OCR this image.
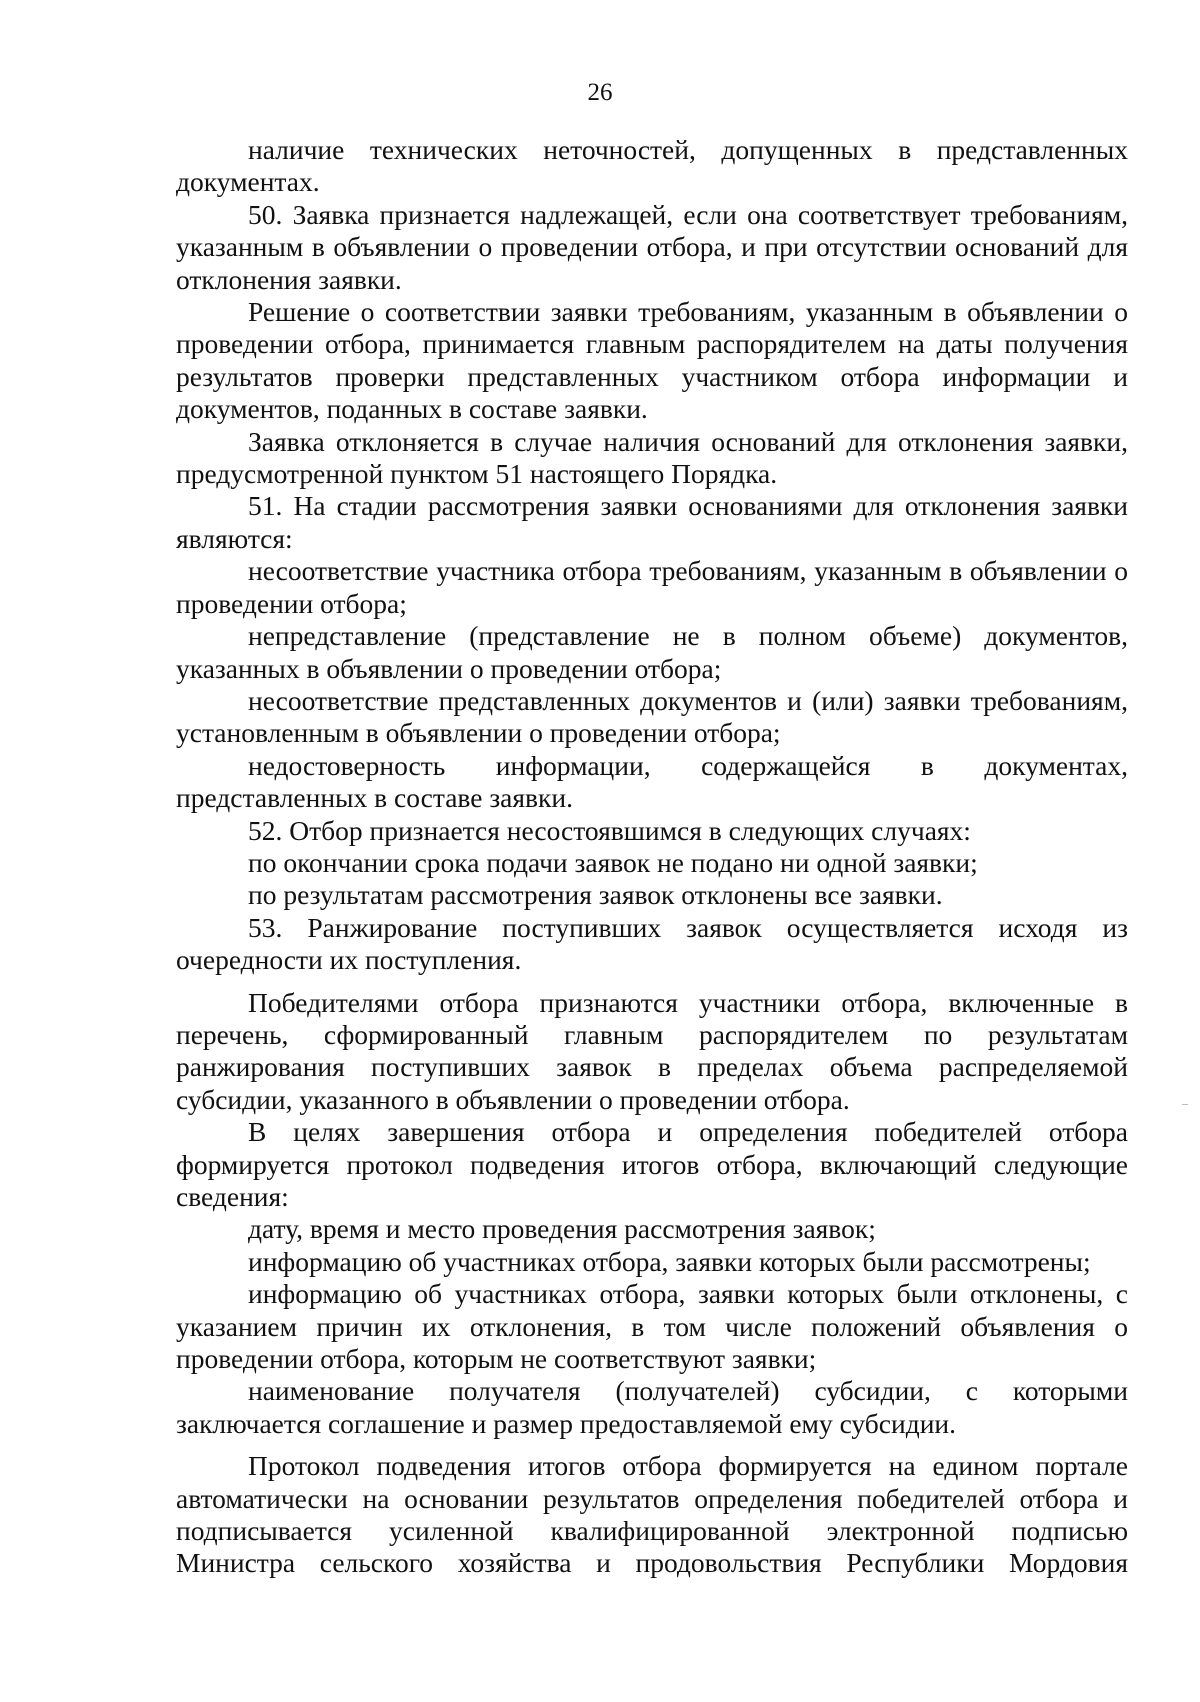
26

наличие технических неточностей, допущенных в представленных документах.

50. Заявка признается надлежащей, если она соответствует требованиям, указанным в объявлении о проведении отбора, и при отсутствии оснований для отклонения заявки.

Решение о соответствии заявки требованиям, указанным в объявлении о проведении отбора, принимается главным распорядителем на даты получения результатов проверки представленных участником отбора информации и документов, поданных в составе заявки.

Заявка отклоняется в случае наличия оснований для отклонения заявки, предусмотренной пунктом 51 настоящего Порядка.

51. На стадии рассмотрения заявки основаниями для отклонения заявки являются:

несоответствие участника отбора требованиям, указанным в объявлении о проведении отбора;

непредставление (представление не в полном объеме) документов, указанных в объявлении о проведении отбора;

несоответствие представленных документов и (или) заявки требованиям, установленным в объявлении о проведении отбора;

недостоверность информации, содержащейся в документах, представленных в составе заявки.

52. Отбор признается несостоявшимся в следующих случаях:

по окончании срока подачи заявок не подано ни одной заявки;

по результатам рассмотрения заявок отклонены все заявки.

53. Ранжирование поступивших заявок осуществляется исходя из очередности их поступления.

Победителями отбора признаются участники отбора, включенные в перечень, сформированный главным распорядителем по результатам ранжирования поступивших заявок в пределах объема распределяемой субсидии, указанного в объявлении о проведении отбора.

В целях завершения отбора и определения победителей отбора формируется протокол подведения итогов отбора, включающий следующие сведения:

дату, время и место проведения рассмотрения заявок;

информацию об участниках отбора, заявки которых были рассмотрены;

информацию об участниках отбора, заявки которых были отклонены, с указанием причин их отклонения, в том числе положений объявления о проведении отбора, которым не соответствуют заявки;

наименование получателя (получателей) субсидии, с которыми заключается соглашение и размер предоставляемой ему субсидии.

Протокол подведения итогов отбора формируется на едином портале автоматически на основании результатов определения победителей отбора и подписывается усиленной квалифицированной электронной подписью Министра сельского хозяйства и продовольствия Республики Мордовия
